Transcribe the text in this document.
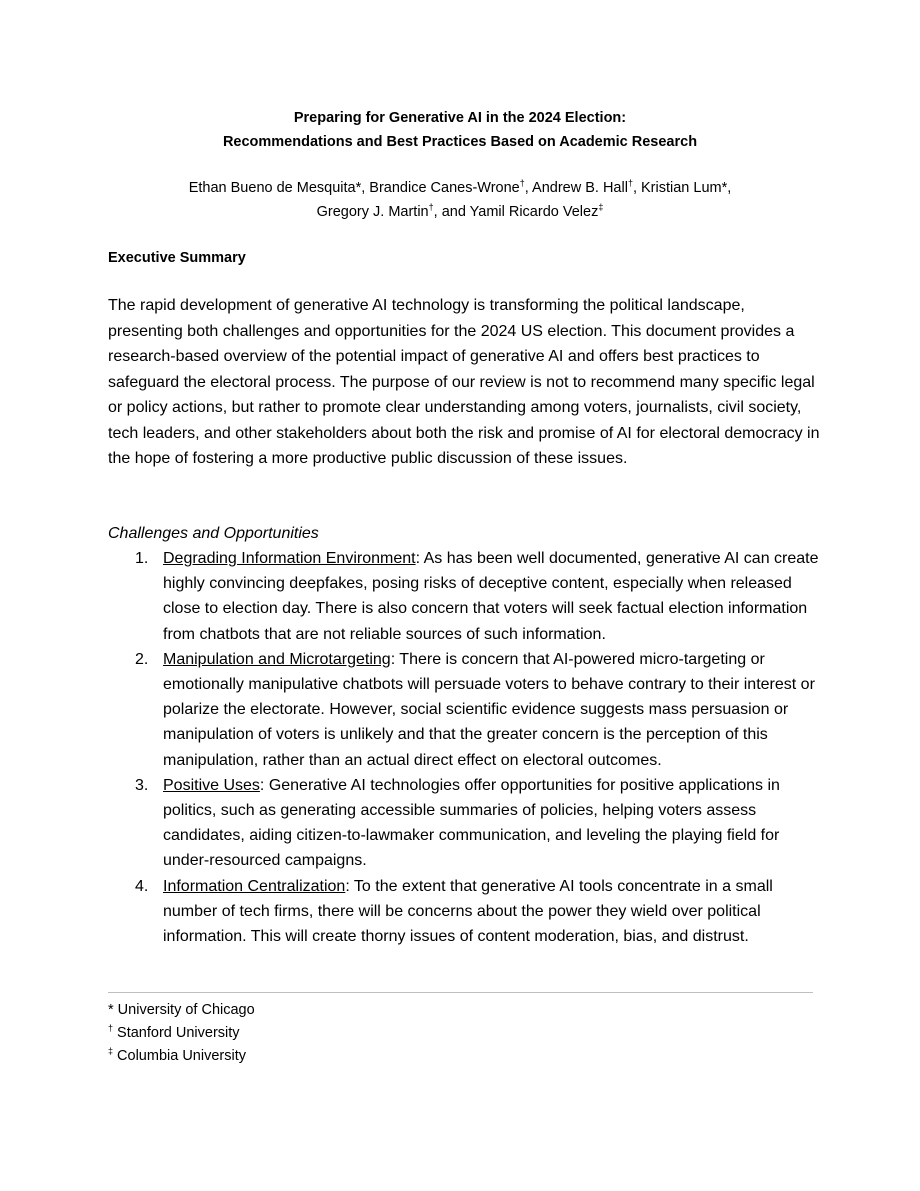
Preparing for Generative AI in the 2024 Election:
Recommendations and Best Practices Based on Academic Research
Ethan Bueno de Mesquita*, Brandice Canes-Wrone†, Andrew B. Hall†, Kristian Lum*,
Gregory J. Martin†, and Yamil Ricardo Velez‡
Executive Summary

The rapid development of generative AI technology is transforming the political landscape, presenting both challenges and opportunities for the 2024 US election. This document provides a research-based overview of the potential impact of generative AI and offers best practices to safeguard the electoral process. The purpose of our review is not to recommend many specific legal or policy actions, but rather to promote clear understanding among voters, journalists, civil society, tech leaders, and other stakeholders about both the risk and promise of AI for electoral democracy in the hope of fostering a more productive public discussion of these issues.

Challenges and Opportunities
1. Degrading Information Environment: As has been well documented, generative AI can create highly convincing deepfakes, posing risks of deceptive content, especially when released close to election day. There is also concern that voters will seek factual election information from chatbots that are not reliable sources of such information.
2. Manipulation and Microtargeting: There is concern that AI-powered micro-targeting or emotionally manipulative chatbots will persuade voters to behave contrary to their interest or polarize the electorate. However, social scientific evidence suggests mass persuasion or manipulation of voters is unlikely and that the greater concern is the perception of this manipulation, rather than an actual direct effect on electoral outcomes.
3. Positive Uses: Generative AI technologies offer opportunities for positive applications in politics, such as generating accessible summaries of policies, helping voters assess candidates, aiding citizen-to-lawmaker communication, and leveling the playing field for under-resourced campaigns.
4. Information Centralization: To the extent that generative AI tools concentrate in a small number of tech firms, there will be concerns about the power they wield over political information. This will create thorny issues of content moderation, bias, and distrust.
* University of Chicago
† Stanford University
‡ Columbia University
